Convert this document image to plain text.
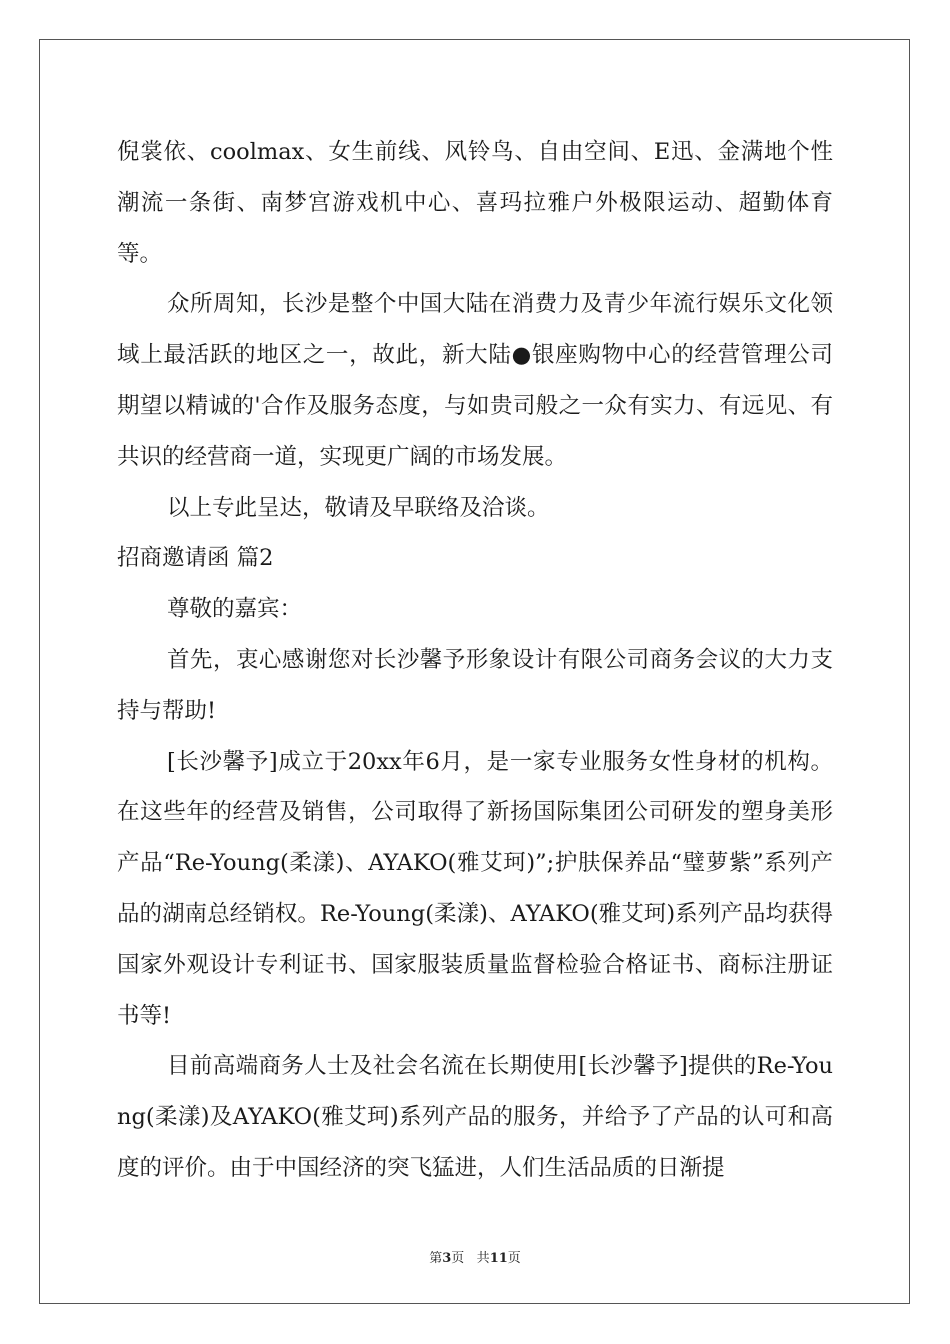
倪裳依、coolmax、女生前线、风铃鸟、自由空间、E迅、金满地个性潮流一条街、南梦宫游戏机中心、喜玛拉雅户外极限运动、超勤体育等。

众所周知，长沙是整个中国大陆在消费力及青少年流行娱乐文化领域上最活跃的地区之一，故此，新大陆●银座购物中心的经营管理公司期望以精诚的'合作及服务态度，与如贵司般之一众有实力、有远见、有共识的经营商一道，实现更广阔的市场发展。

以上专此呈达，敬请及早联络及洽谈。

招商邀请函 篇2

尊敬的嘉宾：

首先，衷心感谢您对长沙馨予形象设计有限公司商务会议的大力支持与帮助!

[长沙馨予]成立于20xx年6月，是一家专业服务女性身材的机构。在这些年的经营及销售，公司取得了新扬国际集团公司研发的塑身美形产品“Re-Young(柔漾)、AYAKO(雅艾珂)”;护肤保养品“璧萝紫”系列产品的湖南总经销权。Re-Young(柔漾)、AYAKO(雅艾珂)系列产品均获得国家外观设计专利证书、国家服装质量监督检验合格证书、商标注册证书等!

目前高端商务人士及社会名流在长期使用[长沙馨予]提供的Re-Young(柔漾)及AYAKO(雅艾珂)系列产品的服务，并给予了产品的认可和高度的评价。由于中国经济的突飞猛进，人们生活品质的日渐提

第3页 共11页
